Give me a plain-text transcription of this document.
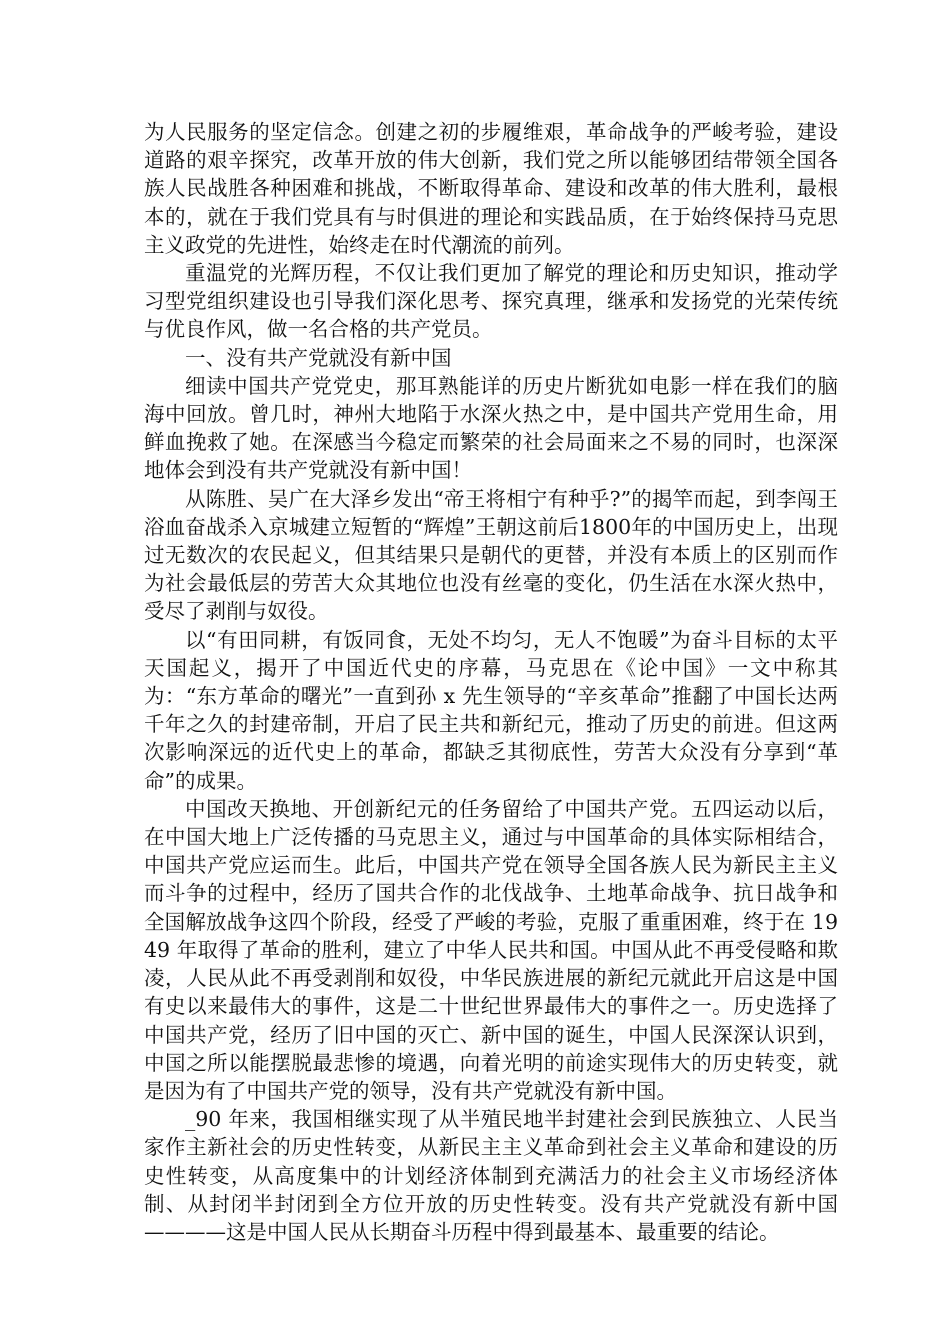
为人民服务的坚定信念。创建之初的步履维艰，革命战争的严峻考验，建设道路的艰辛探究，改革开放的伟大创新，我们党之所以能够团结带领全国各族人民战胜各种困难和挑战，不断取得革命、建设和改革的伟大胜利，最根本的，就在于我们党具有与时俱进的理论和实践品质，在于始终保持马克思主义政党的先进性，始终走在时代潮流的前列。

重温党的光辉历程，不仅让我们更加了解党的理论和历史知识，推动学习型党组织建设也引导我们深化思考、探究真理，继承和发扬党的光荣传统与优良作风，做一名合格的共产党员。

一、没有共产党就没有新中国

细读中国共产党党史，那耳熟能详的历史片断犹如电影一样在我们的脑海中回放。曾几时，神州大地陷于水深火热之中，是中国共产党用生命，用鲜血挽救了她。在深感当今稳定而繁荣的社会局面来之不易的同时，也深深地体会到没有共产党就没有新中国！

从陈胜、吴广在大泽乡发出“帝王将相宁有种乎?”的揭竿而起，到李闯王浴血奋战杀入京城建立短暂的“辉煌”王朝这前后1800年的中国历史上，出现过无数次的农民起义，但其结果只是朝代的更替，并没有本质上的区别而作为社会最低层的劳苦大众其地位也没有丝毫的变化，仍生活在水深火热中，受尽了剥削与奴役。

以“有田同耕，有饭同食，无处不均匀，无人不饱暖”为奋斗目标的太平天国起义，揭开了中国近代史的序幕，马克思在《论中国》一文中称其为：“东方革命的曙光”一直到孙 x 先生领导的“辛亥革命”推翻了中国长达两千年之久的封建帝制，开启了民主共和新纪元，推动了历史的前进。但这两次影响深远的近代史上的革命，都缺乏其彻底性，劳苦大众没有分享到“革命”的成果。

中国改天换地、开创新纪元的任务留给了中国共产党。五四运动以后，在中国大地上广泛传播的马克思主义，通过与中国革命的具体实际相结合，中国共产党应运而生。此后，中国共产党在领导全国各族人民为新民主主义而斗争的过程中，经历了国共合作的北伐战争、土地革命战争、抗日战争和全国解放战争这四个阶段，经受了严峻的考验，克服了重重困难，终于在 1949 年取得了革命的胜利，建立了中华人民共和国。中国从此不再受侵略和欺凌，人民从此不再受剥削和奴役，中华民族进展的新纪元就此开启这是中国有史以来最伟大的事件，这是二十世纪世界最伟大的事件之一。历史选择了中国共产党，经历了旧中国的灭亡、新中国的诞生，中国人民深深认识到，中国之所以能摆脱最悲惨的境遇，向着光明的前途实现伟大的历史转变，就是因为有了中国共产党的领导，没有共产党就没有新中国。

_90 年来，我国相继实现了从半殖民地半封建社会到民族独立、人民当家作主新社会的历史性转变，从新民主主义革命到社会主义革命和建设的历史性转变，从高度集中的计划经济体制到充满活力的社会主义市场经济体制、从封闭半封闭到全方位开放的历史性转变。没有共产党就没有新中国————这是中国人民从长期奋斗历程中得到最基本、最重要的结论。
